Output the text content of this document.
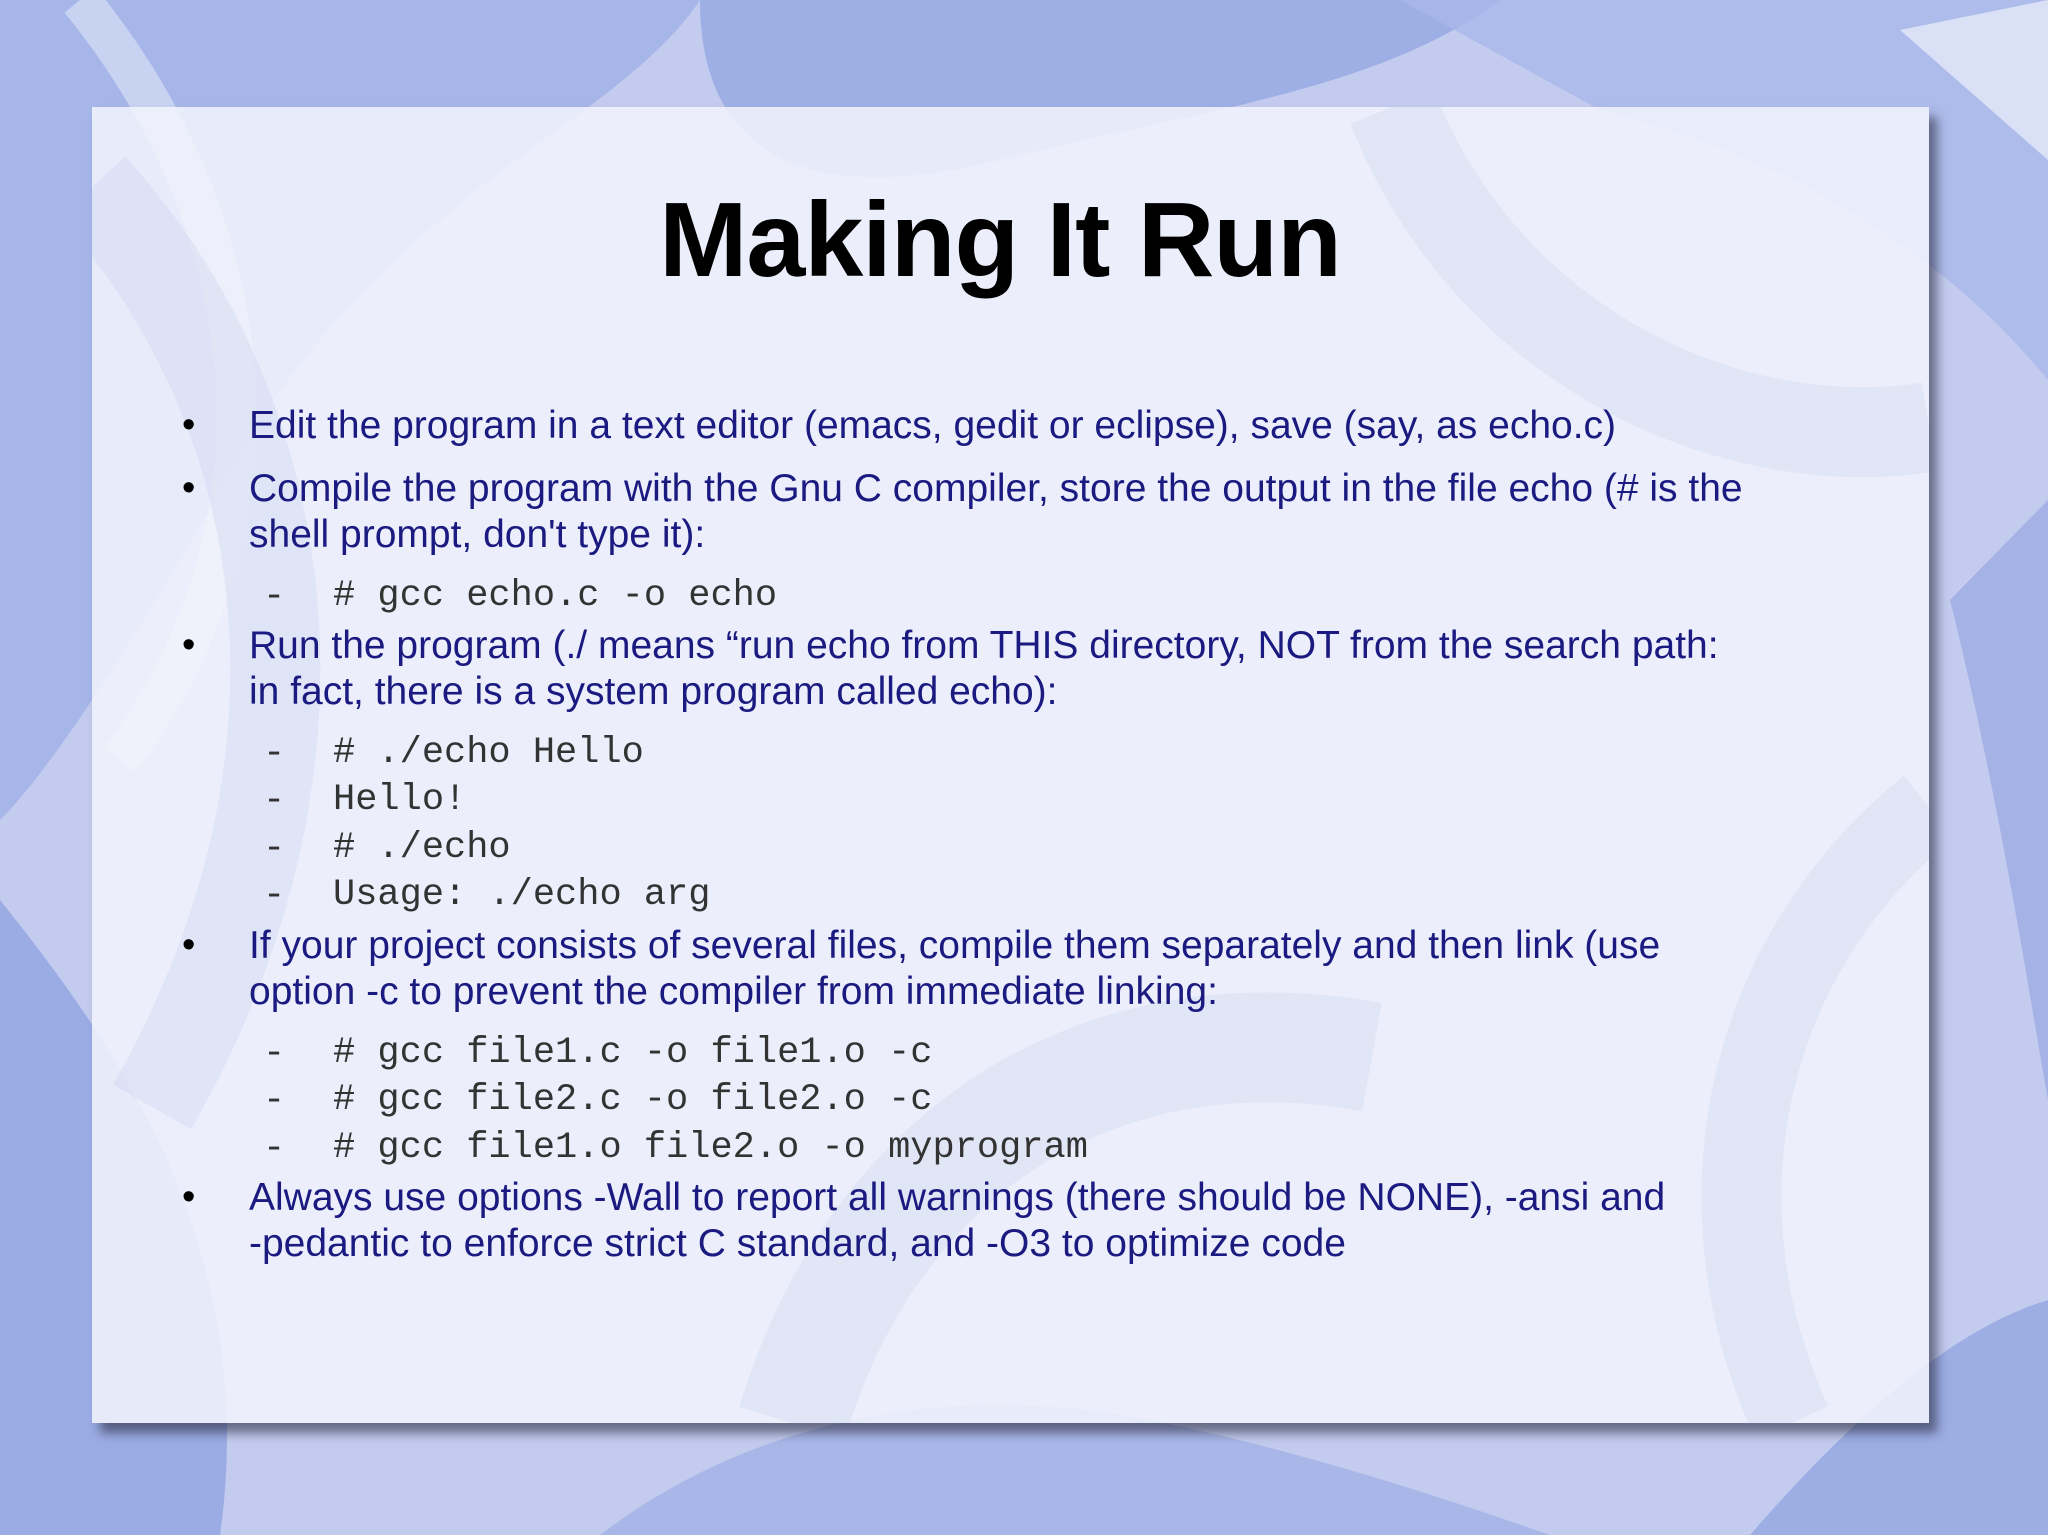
Making It Run
• Edit the program in a text editor (emacs, gedit or eclipse), save (say, as echo.c)
• Compile the program with the Gnu C compiler, store the output in the file echo (# is the
shell prompt, don't type it):
- # gcc echo.c -o echo
• Run the program (./ means “run echo from THIS directory, NOT from the search path:
in fact, there is a system program called echo):
- # ./echo Hello
- Hello!
- # ./echo
- Usage: ./echo arg
• If your project consists of several files, compile them separately and then link (use
option -c to prevent the compiler from immediate linking:
- # gcc file1.c -o file1.o -c
- # gcc file2.c -o file2.o -c
- # gcc file1.o file2.o -o myprogram
• Always use options -Wall to report all warnings (there should be NONE), -ansi and
-pedantic to enforce strict C standard, and -O3 to optimize code
